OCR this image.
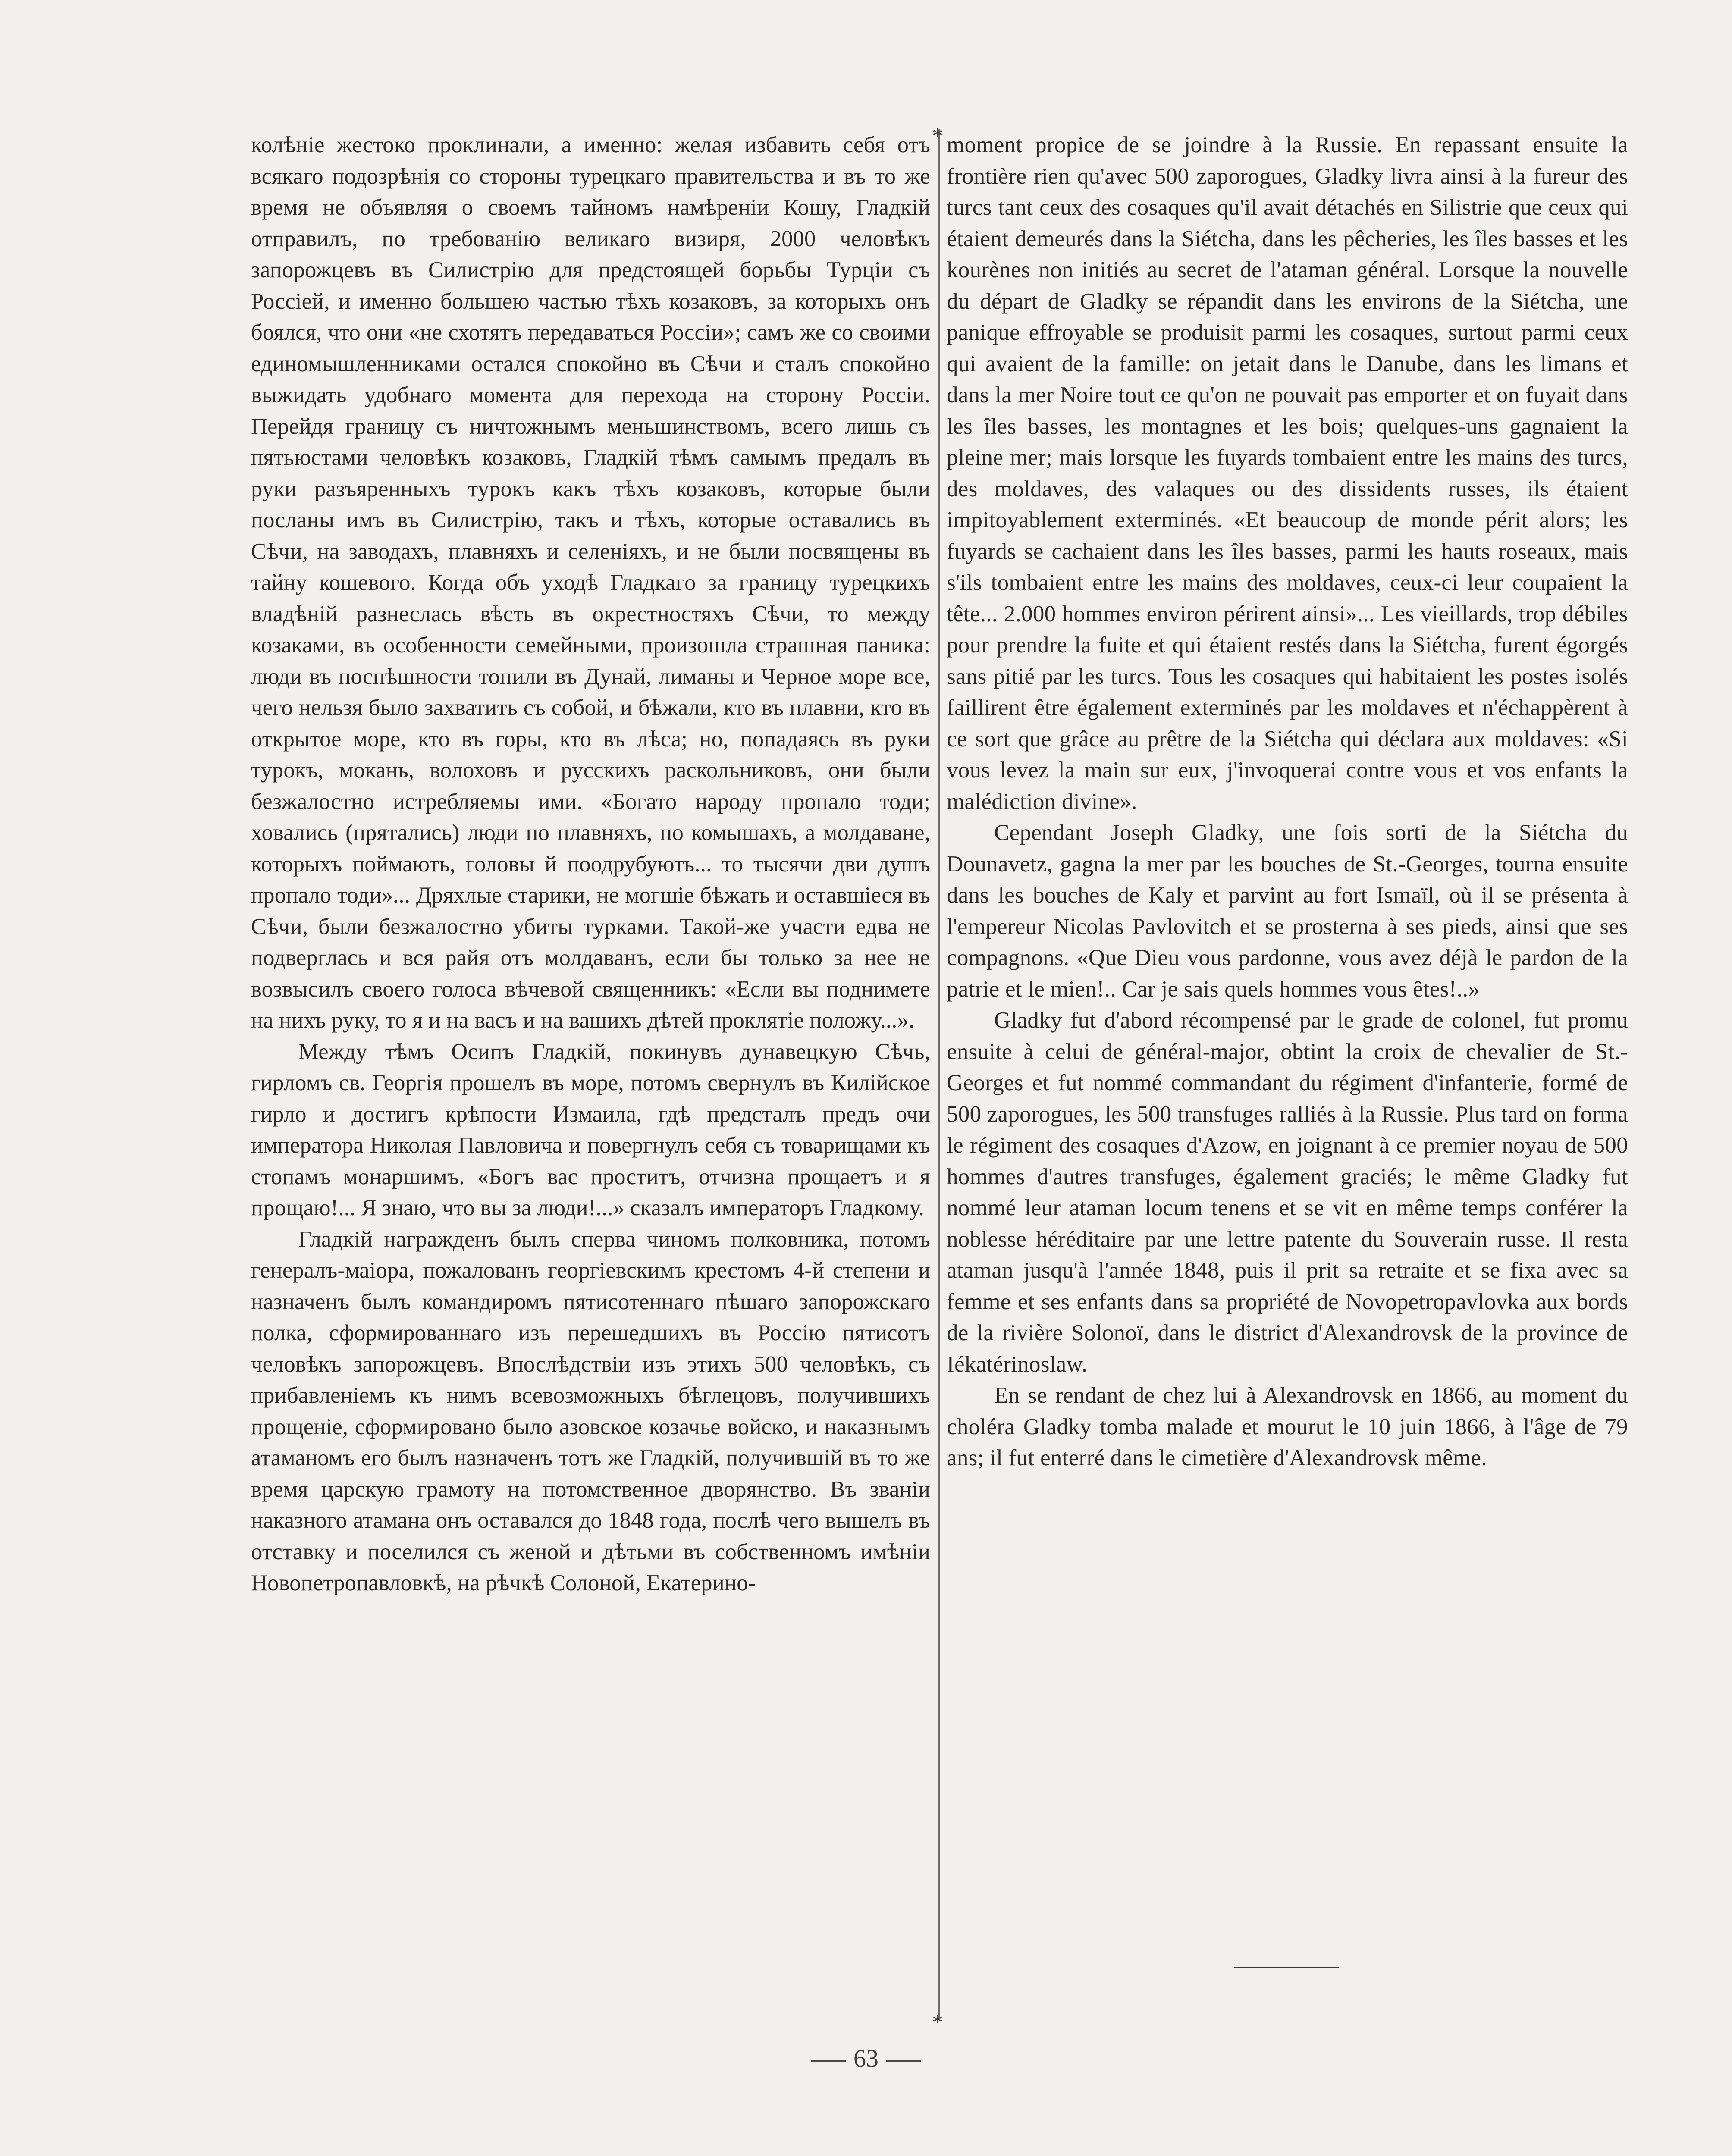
колѣніе жестоко проклинали, а именно: желая избавить себя отъ всякаго подозрѣнія со стороны турецкаго правительства и въ то же время не объявляя о своемъ тайномъ намѣреніи Кошу, Гладкій отправилъ, по требованію великаго визиря, 2000 человѣкъ запорожцевъ въ Силистрію для предстоящей борьбы Турціи съ Россіей, и именно большею частью тѣхъ козаковъ, за которыхъ онъ боялся, что они «не схотятъ передаваться Россіи»; самъ же со своими единомышленниками остался спокойно въ Сѣчи и сталъ спокойно выжидать удобнаго момента для перехода на сторону Россіи. Перейдя границу съ ничтожнымъ меньшинствомъ, всего лишь съ пятьюстами человѣкъ козаковъ, Гладкій тѣмъ самымъ предалъ въ руки разъяренныхъ турокъ какъ тѣхъ козаковъ, которые были посланы имъ въ Силистрію, такъ и тѣхъ, которые оставались въ Сѣчи, на заводахъ, плавняхъ и селеніяхъ, и не были посвящены въ тайну кошевого. Когда объ уходѣ Гладкаго за границу турецкихъ владѣній разнеслась вѣсть въ окрестностяхъ Сѣчи, то между козаками, въ особенности семейными, произошла страшная паника: люди въ поспѣшности топили въ Дунай, лиманы и Черное море все, чего нельзя было захватить съ собой, и бѣжали, кто въ плавни, кто въ открытое море, кто въ горы, кто въ лѣса; но, попадаясь въ руки турокъ, мокань, волоховъ и русскихъ раскольниковъ, они были безжалостно истребляемы ими. «Богато народу пропало тоди; ховались (прятались) люди по плавняхъ, по комышахъ, а молдаване, которыхъ поймають, головы й поодрубують... то тысячи дви душъ пропало тоди»... Дряхлые старики, не могшіе бѣжать и оставшіеся въ Сѣчи, были безжалостно убиты турками. Такой-же участи едва не подверглась и вся райя отъ молдаванъ, если бы только за нее не возвысилъ своего голоса вѣчевой священникъ: «Если вы поднимете на нихъ руку, то я и на васъ и на вашихъ дѣтей проклятіе положу...».

Между тѣмъ Осипъ Гладкій, покинувъ дунавецкую Сѣчь, гирломъ св. Георгія прошелъ въ море, потомъ свернулъ въ Килійское гирло и достигъ крѣпости Измаила, гдѣ предсталъ предъ очи императора Николая Павловича и повергнулъ себя съ товарищами къ стопамъ монаршимъ. «Богъ вас проститъ, отчизна прощаетъ и я прощаю!... Я знаю, что вы за люди!...» сказалъ императоръ Гладкому.

Гладкій награжденъ былъ сперва чиномъ полковника, потомъ генералъ-маіора, пожалованъ георгіевскимъ крестомъ 4-й степени и назначенъ былъ командиромъ пятисотеннаго пѣшаго запорожскаго полка, сформированнаго изъ перешедшихъ въ Россію пятисотъ человѣкъ запорожцевъ. Впослѣдствіи изъ этихъ 500 человѣкъ, съ прибавленіемъ къ нимъ всевозможныхъ бѣглецовъ, получившихъ прощеніе, сформировано было азовское козачье войско, и наказнымъ атаманомъ его былъ назначенъ тотъ же Гладкій, получившій въ то же время царскую грамоту на потомственное дворянство. Въ званіи наказного атамана онъ оставался до 1848 года, послѣ чего вышелъ въ отставку и поселился съ женой и дѣтьми въ собственномъ имѣніи Новопетропавловкѣ, на рѣчкѣ Солоной, Екатерино-

*
*

moment propice de se joindre à la Russie. En repassant ensuite la frontière rien qu'avec 500 zaporogues, Gladky livra ainsi à la fureur des turcs tant ceux des cosaques qu'il avait détachés en Silistrie que ceux qui étaient demeurés dans la Siétcha, dans les pêcheries, les îles basses et les kourènes non initiés au secret de l'ataman général. Lorsque la nouvelle du départ de Gladky se répandit dans les environs de la Siétcha, une panique effroyable se produisit parmi les cosaques, surtout parmi ceux qui avaient de la famille: on jetait dans le Danube, dans les limans et dans la mer Noire tout ce qu'on ne pouvait pas emporter et on fuyait dans les îles basses, les montagnes et les bois; quelques-uns gagnaient la pleine mer; mais lorsque les fuyards tombaient entre les mains des turcs, des moldaves, des valaques ou des dissidents russes, ils étaient impitoyablement exterminés. «Et beaucoup de monde périt alors; les fuyards se cachaient dans les îles basses, parmi les hauts roseaux, mais s'ils tombaient entre les mains des moldaves, ceux-ci leur coupaient la tête... 2.000 hommes environ périrent ainsi»... Les vieillards, trop débiles pour prendre la fuite et qui étaient restés dans la Siétcha, furent égorgés sans pitié par les turcs. Tous les cosaques qui habitaient les postes isolés faillirent être également exterminés par les moldaves et n'échappèrent à ce sort que grâce au prêtre de la Siétcha qui déclara aux moldaves: «Si vous levez la main sur eux, j'invoquerai contre vous et vos enfants la malédiction divine».

Cependant Joseph Gladky, une fois sorti de la Siétcha du Dounavetz, gagna la mer par les bouches de St.-Georges, tourna ensuite dans les bouches de Kaly et parvint au fort Ismaïl, où il se présenta à l'empereur Nicolas Pavlovitch et se prosterna à ses pieds, ainsi que ses compagnons. «Que Dieu vous pardonne, vous avez déjà le pardon de la patrie et le mien!.. Car je sais quels hommes vous êtes!..»

Gladky fut d'abord récompensé par le grade de colonel, fut promu ensuite à celui de général-major, obtint la croix de chevalier de St.-Georges et fut nommé commandant du régiment d'infanterie, formé de 500 zaporogues, les 500 transfuges ralliés à la Russie. Plus tard on forma le régiment des cosaques d'Azow, en joignant à ce premier noyau de 500 hommes d'autres transfuges, également graciés; le même Gladky fut nommé leur ataman locum tenens et se vit en même temps conférer la noblesse héréditaire par une lettre patente du Souverain russe. Il resta ataman jusqu'à l'année 1848, puis il prit sa retraite et se fixa avec sa femme et ses enfants dans sa propriété de Novopetropavlovka aux bords de la rivière Solonoï, dans le district d'Alexandrovsk de la province de Iékatérinoslaw.

En se rendant de chez lui à Alexandrovsk en 1866, au moment du choléra Gladky tomba malade et mourut le 10 juin 1866, à l'âge de 79 ans; il fut enterré dans le cimetière d'Alexandrovsk même.

63
